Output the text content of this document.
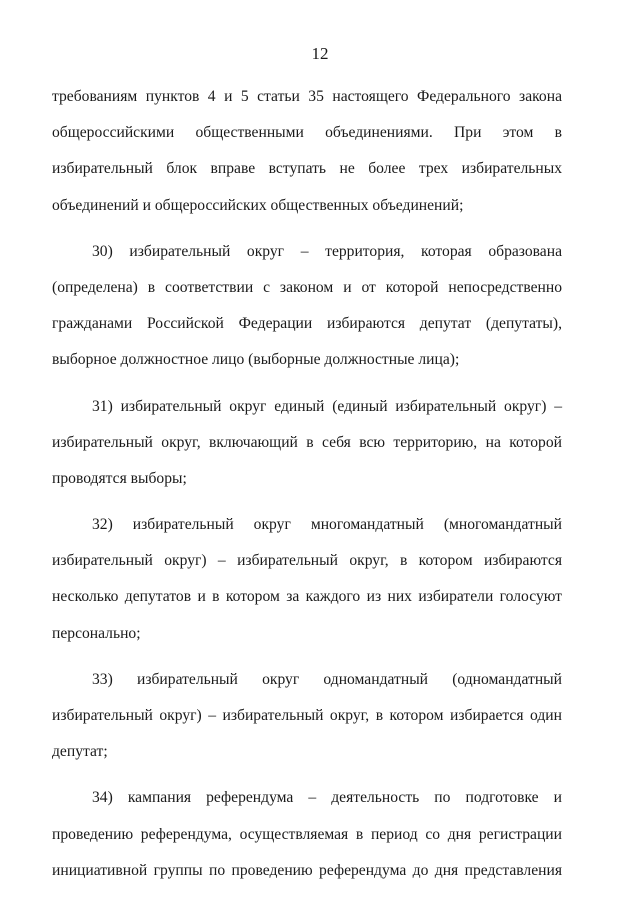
12
требованиям пунктов 4 и 5 статьи 35 настоящего Федерального закона
общероссийскими общественными объединениями. При этом в
избирательный блок вправе вступать не более трех избирательных
объединений и общероссийских общественных объединений;
30) избирательный округ – территория, которая образована
(определена) в соответствии с законом и от которой непосредственно
гражданами Российской Федерации избираются депутат (депутаты),
выборное должностное лицо (выборные должностные лица);
31) избирательный округ единый (единый избирательный округ) –
избирательный округ, включающий в себя всю территорию, на которой
проводятся выборы;
32) избирательный округ многомандатный (многомандатный
избирательный округ) – избирательный округ, в котором избираются
несколько депутатов и в котором за каждого из них избиратели голосуют
персонально;
33) избирательный округ одномандатный (одномандатный
избирательный округ) – избирательный округ, в котором избирается один
депутат;
34) кампания референдума – деятельность по подготовке и
проведению референдума, осуществляемая в период со дня регистрации
инициативной группы по проведению референдума до дня представления
